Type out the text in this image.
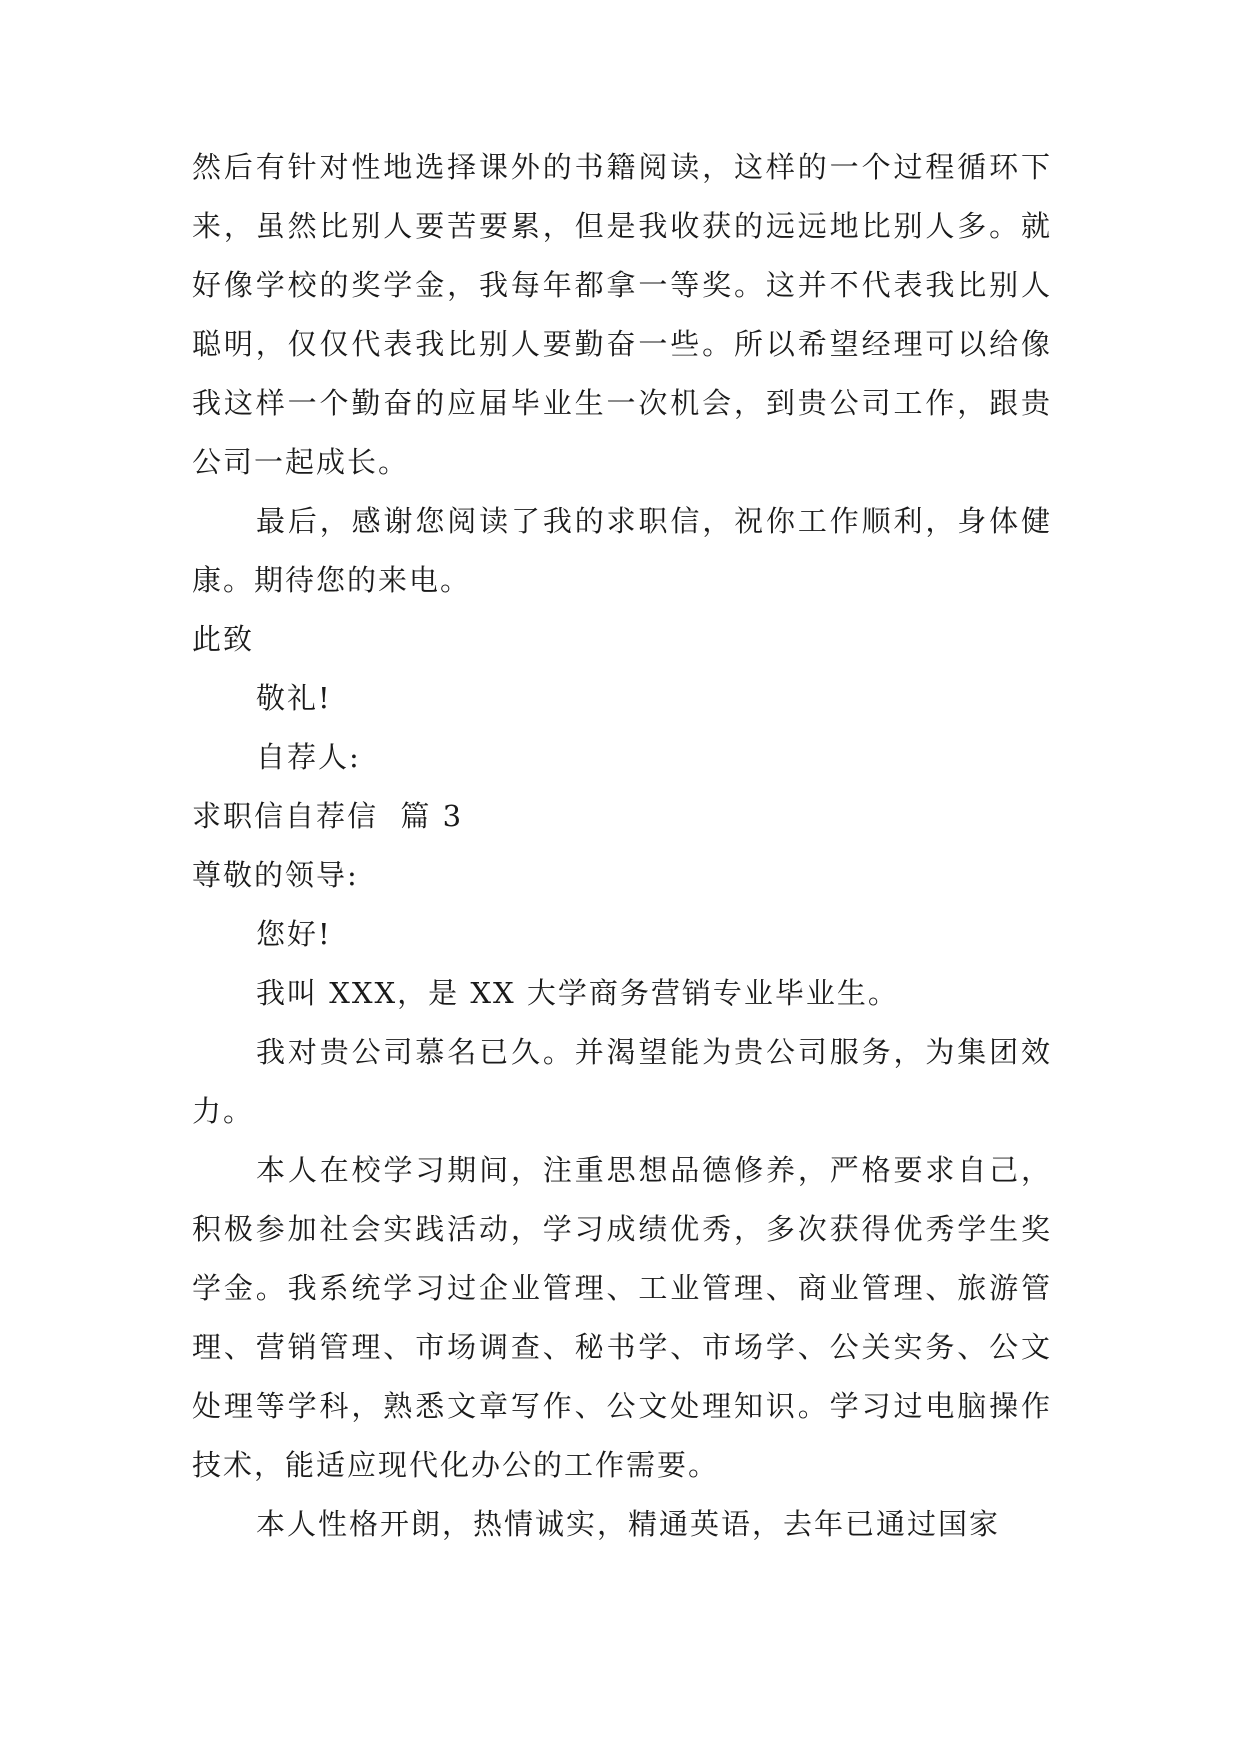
然后有针对性地选择课外的书籍阅读，这样的一个过程循环下来，虽然比别人要苦要累，但是我收获的远远地比别人多。就好像学校的奖学金，我每年都拿一等奖。这并不代表我比别人聪明，仅仅代表我比别人要勤奋一些。所以希望经理可以给像我这样一个勤奋的应届毕业生一次机会，到贵公司工作，跟贵公司一起成长。

最后，感谢您阅读了我的求职信，祝你工作顺利，身体健康。期待您的来电。

此致

敬礼!

自荐人:

求职信自荐信  篇 3

尊敬的领导:

您好!

我叫 XXX，是 XX 大学商务营销专业毕业生。

我对贵公司慕名已久。并渴望能为贵公司服务，为集团效力。

本人在校学习期间，注重思想品德修养，严格要求自己，积极参加社会实践活动，学习成绩优秀，多次获得优秀学生奖学金。我系统学习过企业管理、工业管理、商业管理、旅游管理、营销管理、市场调查、秘书学、市场学、公关实务、公文处理等学科，熟悉文章写作、公文处理知识。学习过电脑操作技术，能适应现代化办公的工作需要。

本人性格开朗，热情诚实，精通英语，去年已通过国家
